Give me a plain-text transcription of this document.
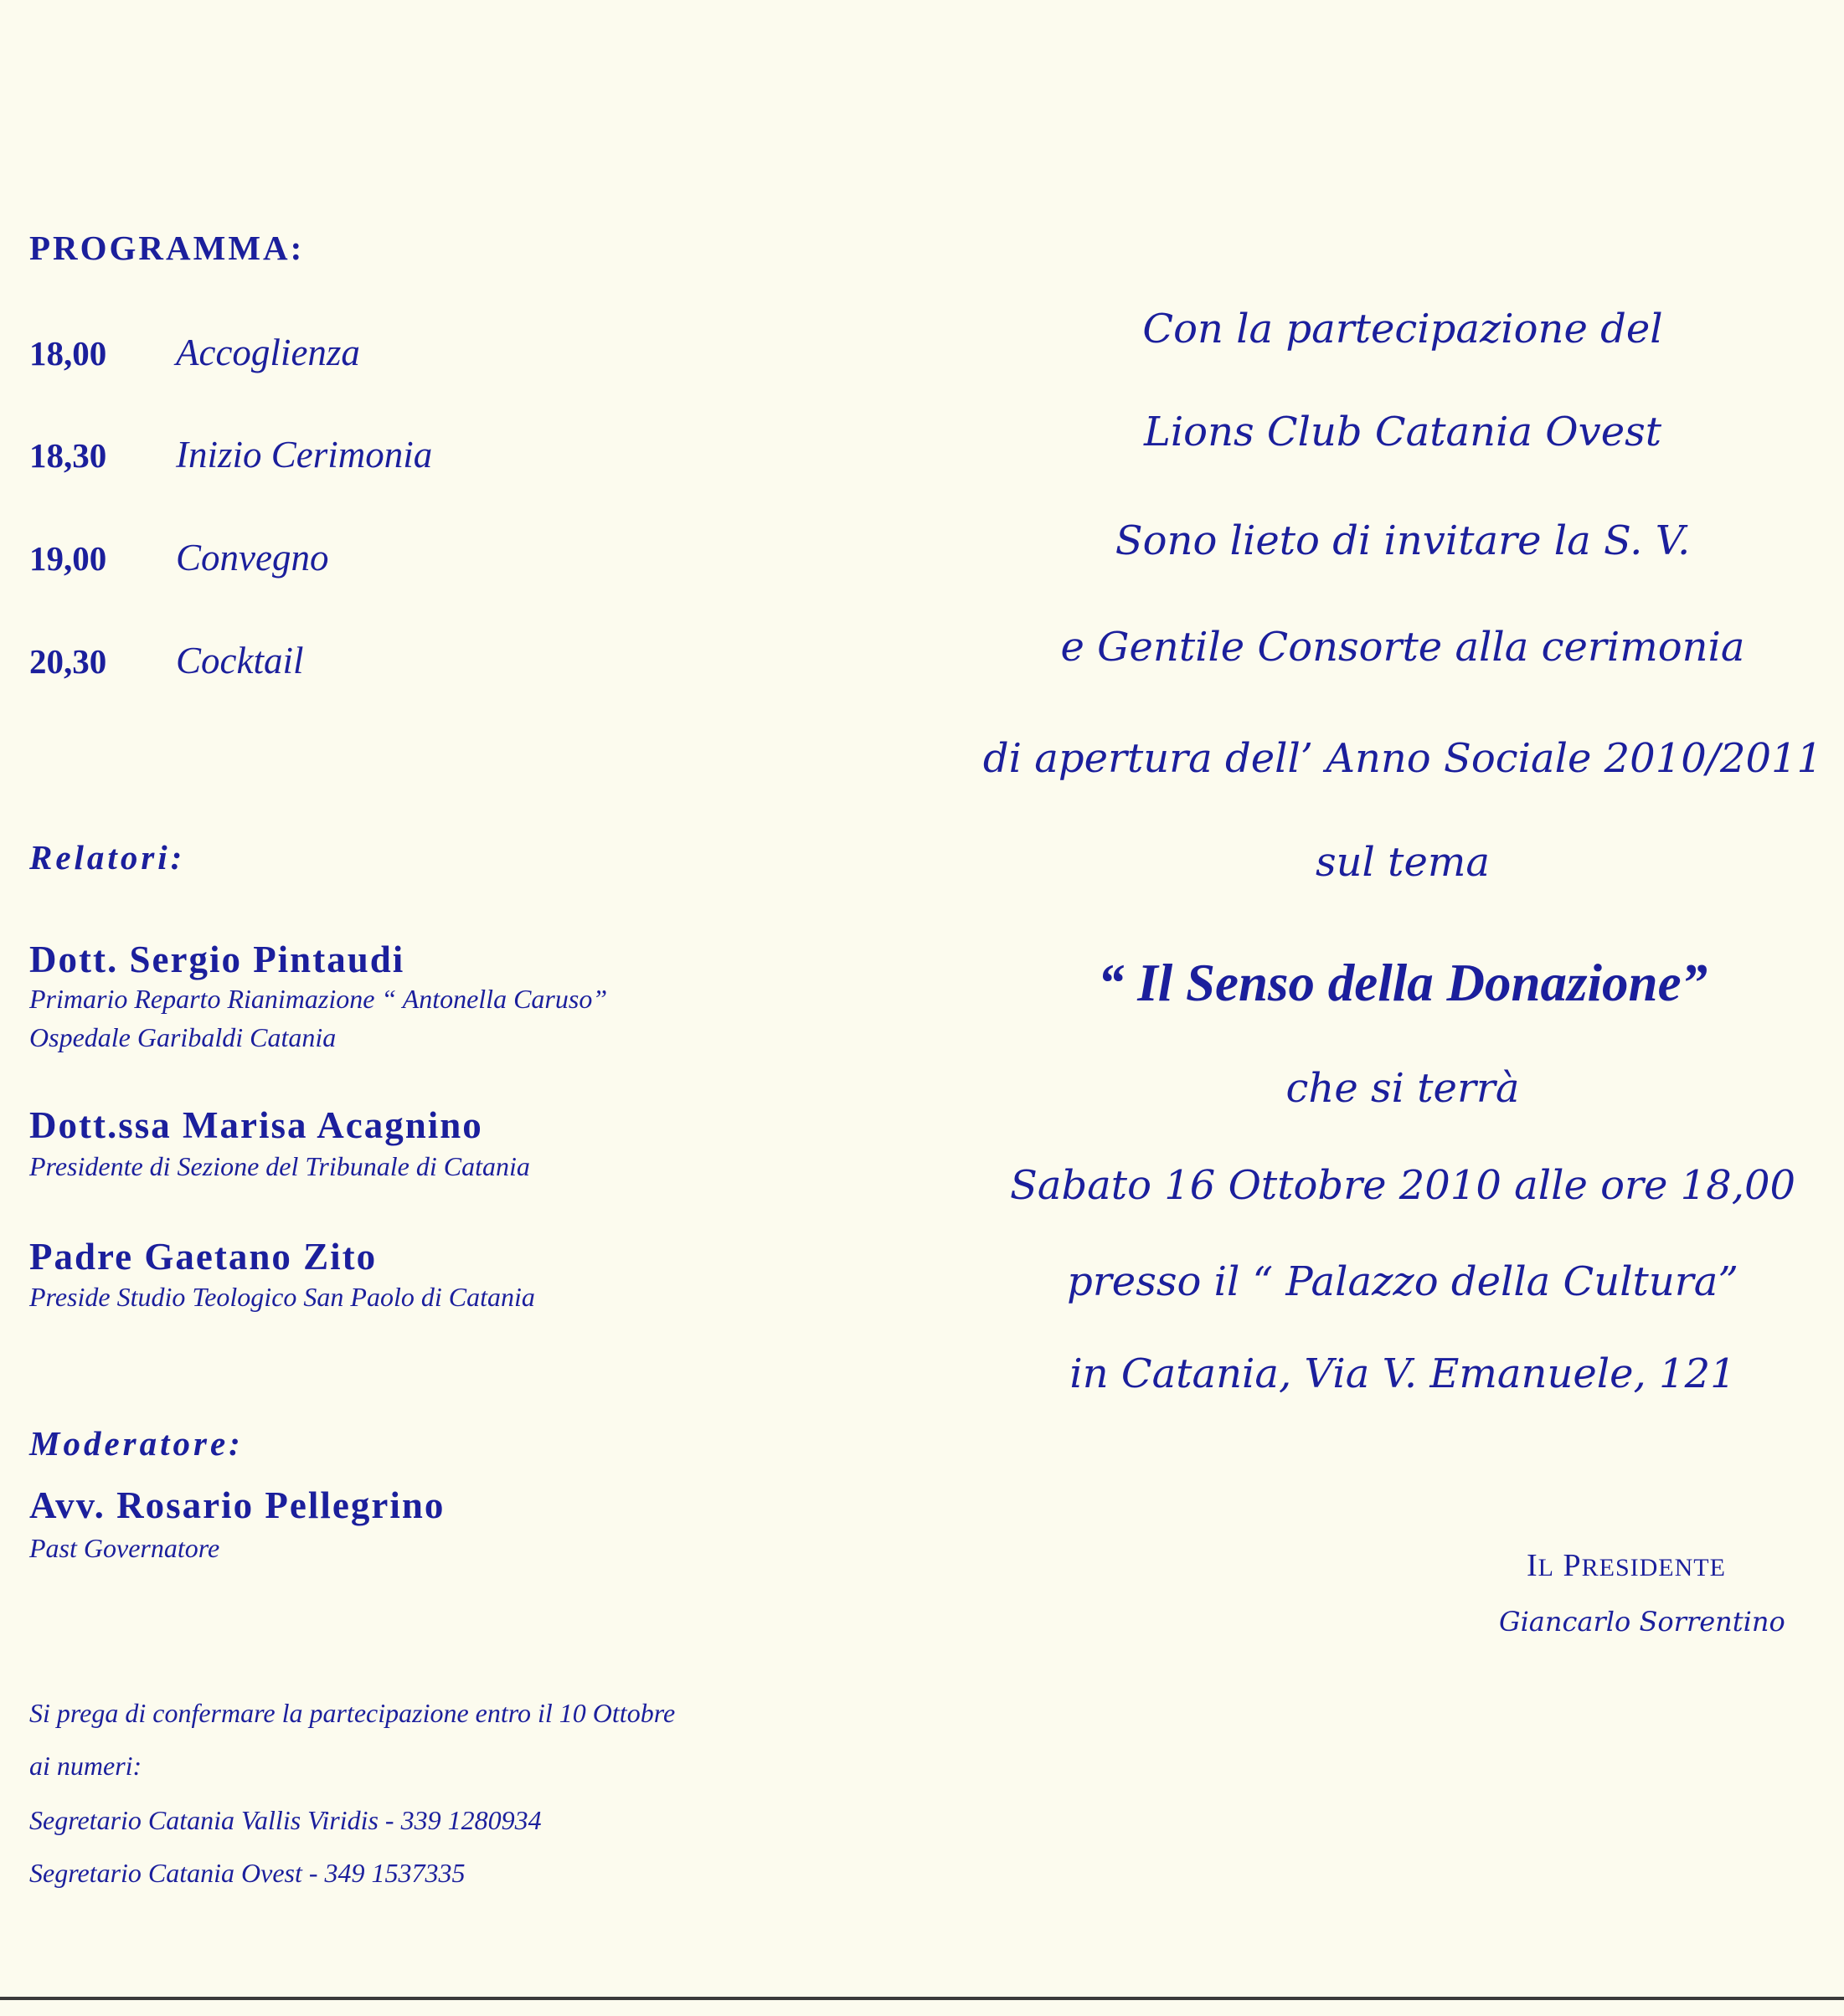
PROGRAMMA:
18,00 Accoglienza
18,30 Inizio Cerimonia
19,00 Convegno
20,30 Cocktail
Relatori:
Dott. Sergio Pintaudi
Primario Reparto Rianimazione “ Antonella Caruso”
Ospedale Garibaldi Catania
Dott.ssa Marisa Acagnino
Presidente di Sezione del Tribunale di Catania
Padre Gaetano Zito
Preside Studio Teologico San Paolo di Catania
Moderatore:
Avv. Rosario Pellegrino
Past Governatore
Si prega di confermare la partecipazione entro il 10 Ottobre
ai numeri:
Segretario Catania Vallis Viridis - 339 1280934
Segretario Catania Ovest - 349 1537335
Con la partecipazione del
Lions Club Catania Ovest
Sono lieto di invitare la S. V.
e Gentile Consorte alla cerimonia
di apertura dell’ Anno Sociale 2010/2011
sul tema
“ Il Senso della Donazione”
che si terrà
Sabato 16 Ottobre 2010 alle ore 18,00
presso il “ Palazzo della Cultura”
in Catania, Via V. Emanuele, 121
IL PRESIDENTE
Giancarlo Sorrentino
